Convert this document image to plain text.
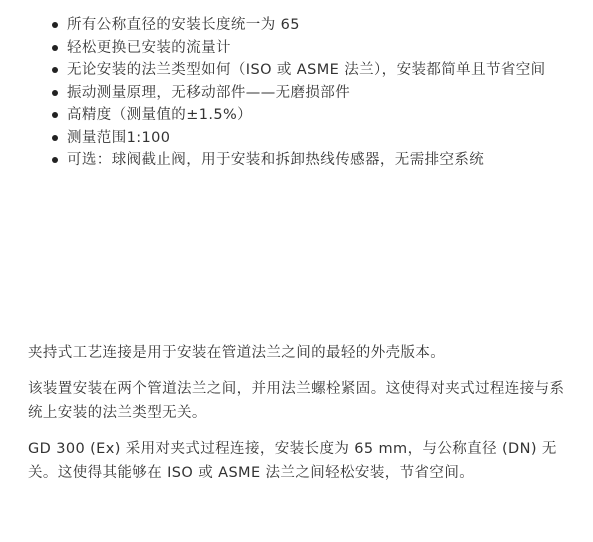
所有公称直径的安装长度统一为 65
轻松更换已安装的流量计
无论安装的法兰类型如何（ISO 或 ASME 法兰），安装都简单且节省空间
振动测量原理，无移动部件——无磨损部件
高精度（测量值的±1.5%）
测量范围1:100
可选：球阀截止阀，用于安装和拆卸热线传感器，无需排空系统

夹持式工艺连接是用于安装在管道法兰之间的最轻的外壳版本。

该装置安装在两个管道法兰之间，并用法兰螺栓紧固。这使得对夹式过程连接与系统上安装的法兰类型无关。

GD 300 (Ex) 采用对夹式过程连接，安装长度为 65 mm，与公称直径 (DN) 无关。这使得其能够在 ISO 或 ASME 法兰之间轻松安装，节省空间。
